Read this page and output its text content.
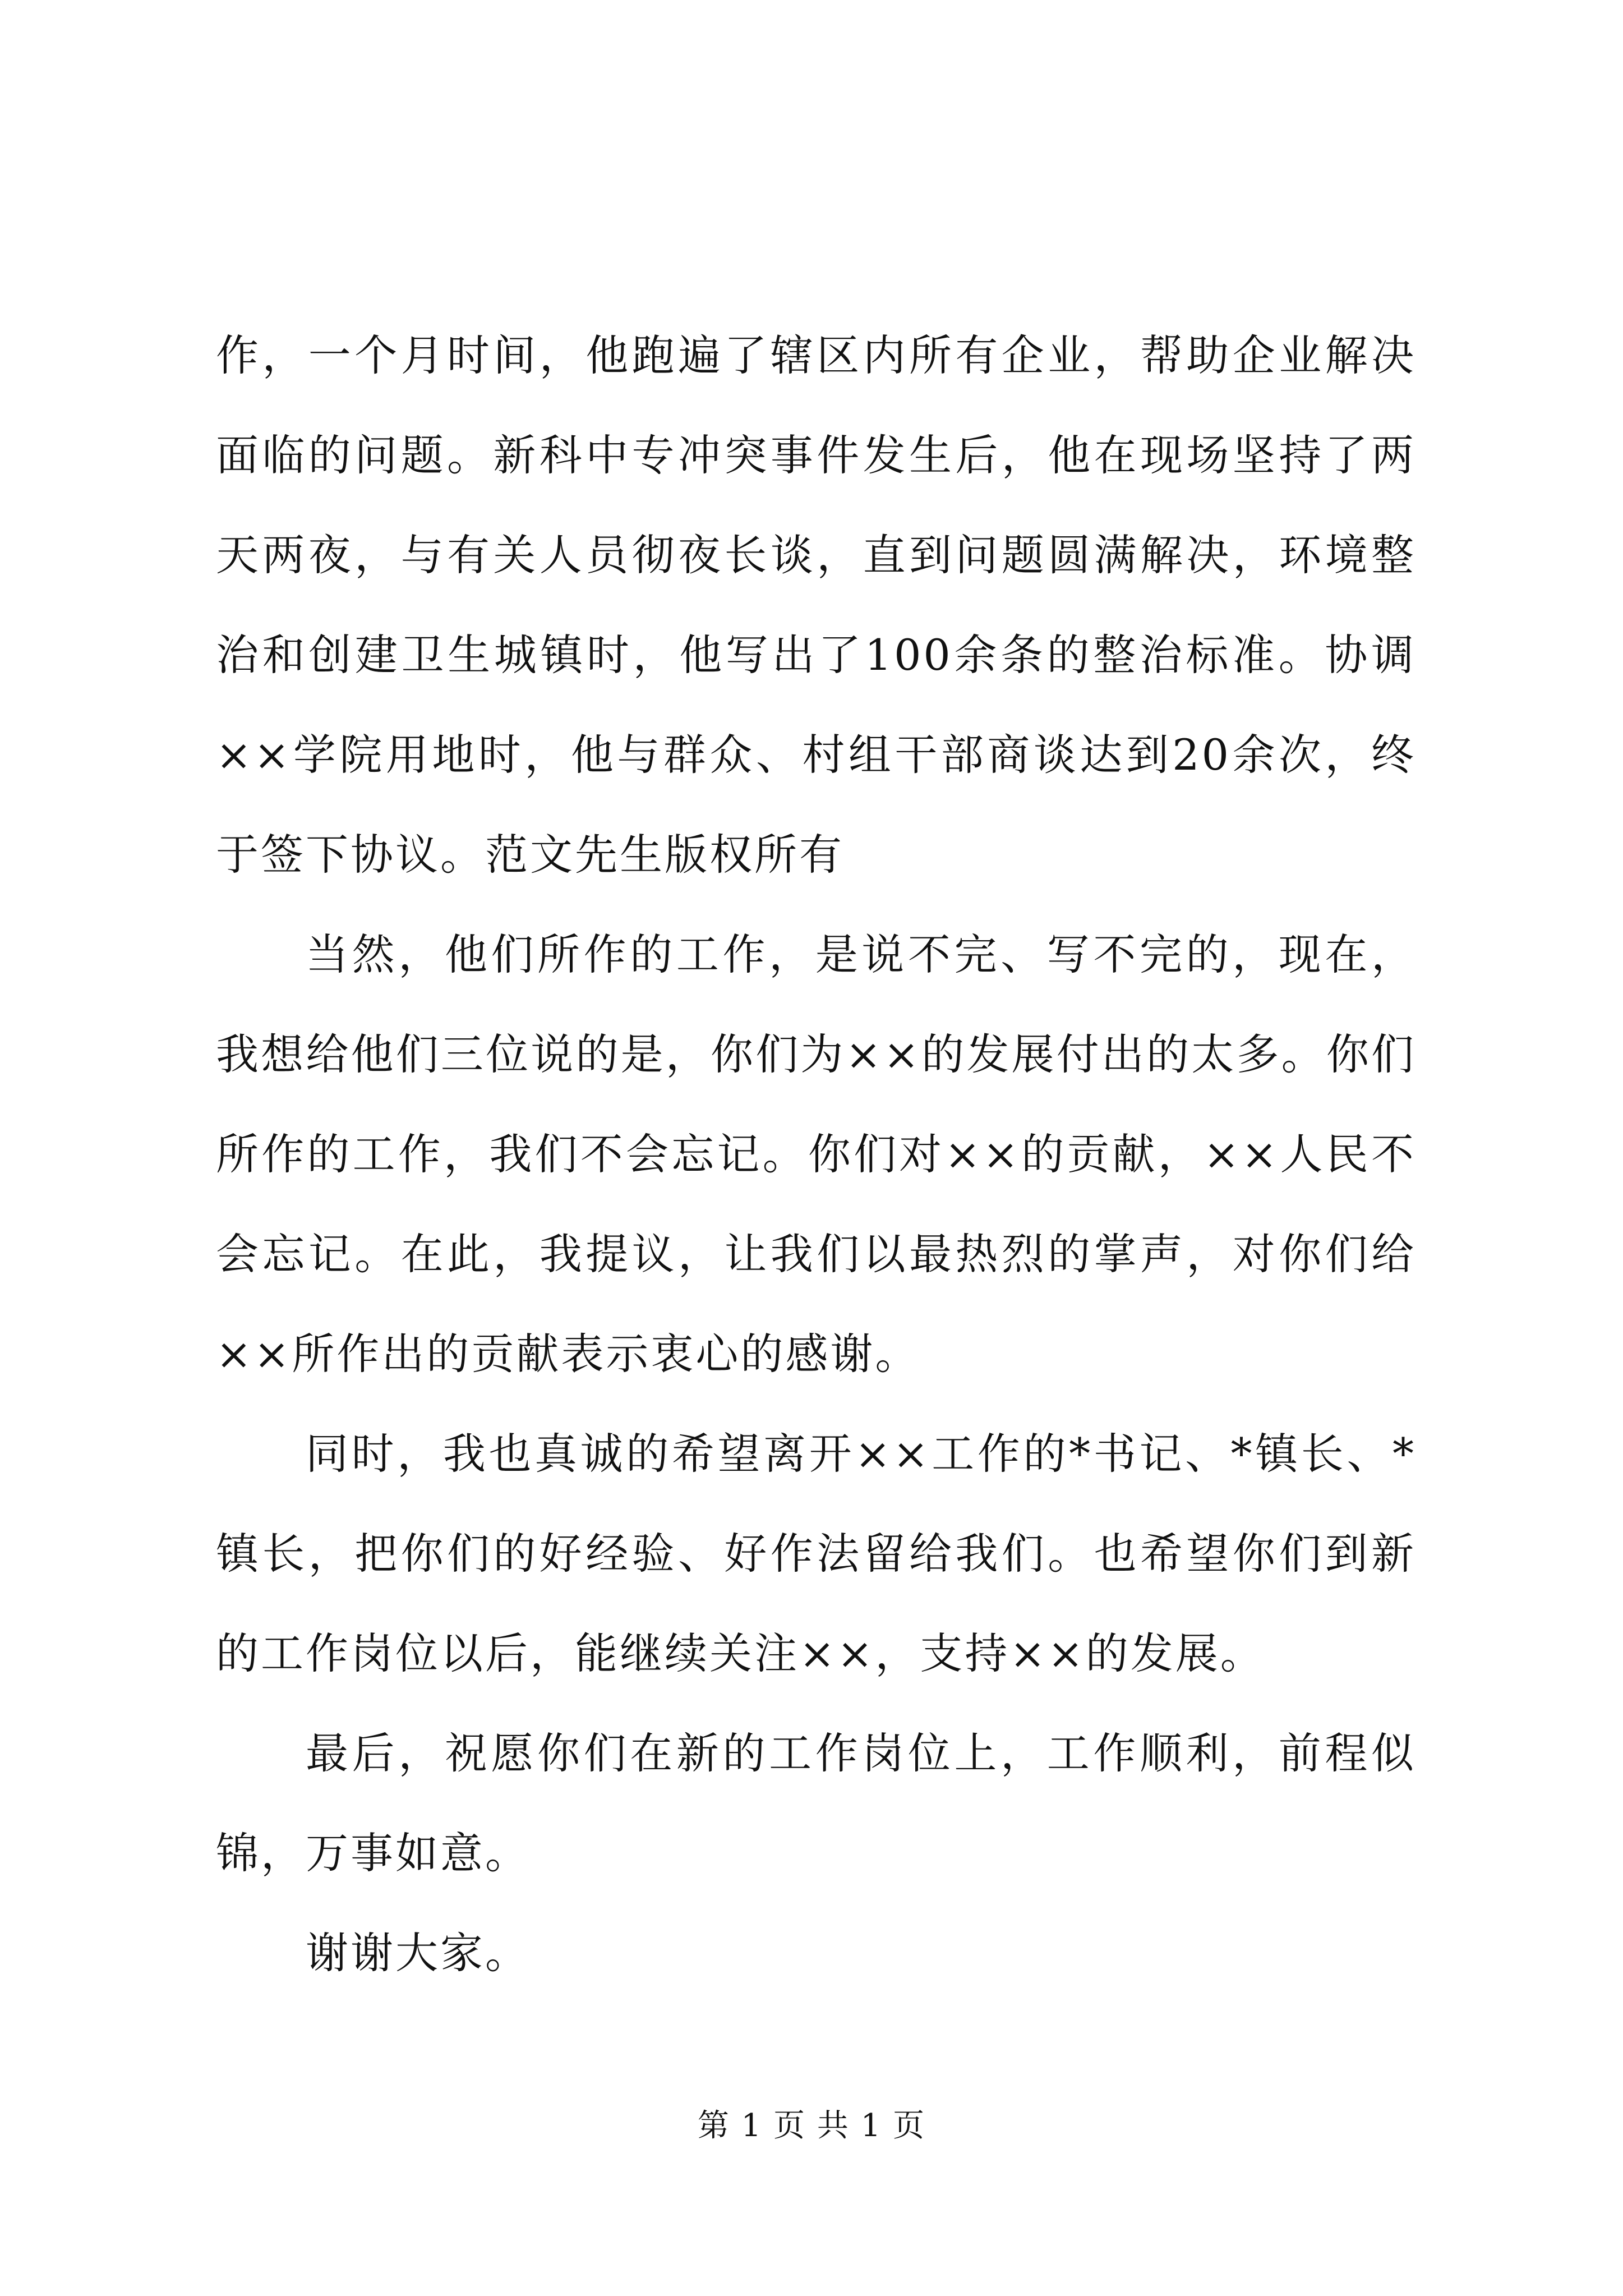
作，一个月时间，他跑遍了辖区内所有企业，帮助企业解决面临的问题。新科中专冲突事件发生后，他在现场坚持了两天两夜，与有关人员彻夜长谈，直到问题圆满解决，环境整治和创建卫生城镇时，他写出了100余条的整治标准。协调××学院用地时，他与群众、村组干部商谈达到20余次，终于签下协议。范文先生版权所有

当然，他们所作的工作，是说不完、写不完的，现在，我想给他们三位说的是，你们为××的发展付出的太多。你们所作的工作，我们不会忘记。你们对××的贡献，××人民不会忘记。在此，我提议，让我们以最热烈的掌声，对你们给××所作出的贡献表示衷心的感谢。

同时，我也真诚的希望离开××工作的*书记、*镇长、*镇长，把你们的好经验、好作法留给我们。也希望你们到新的工作岗位以后，能继续关注××，支持××的发展。

最后，祝愿你们在新的工作岗位上，工作顺利，前程似锦，万事如意。

谢谢大家。

第 1 页 共 1 页
